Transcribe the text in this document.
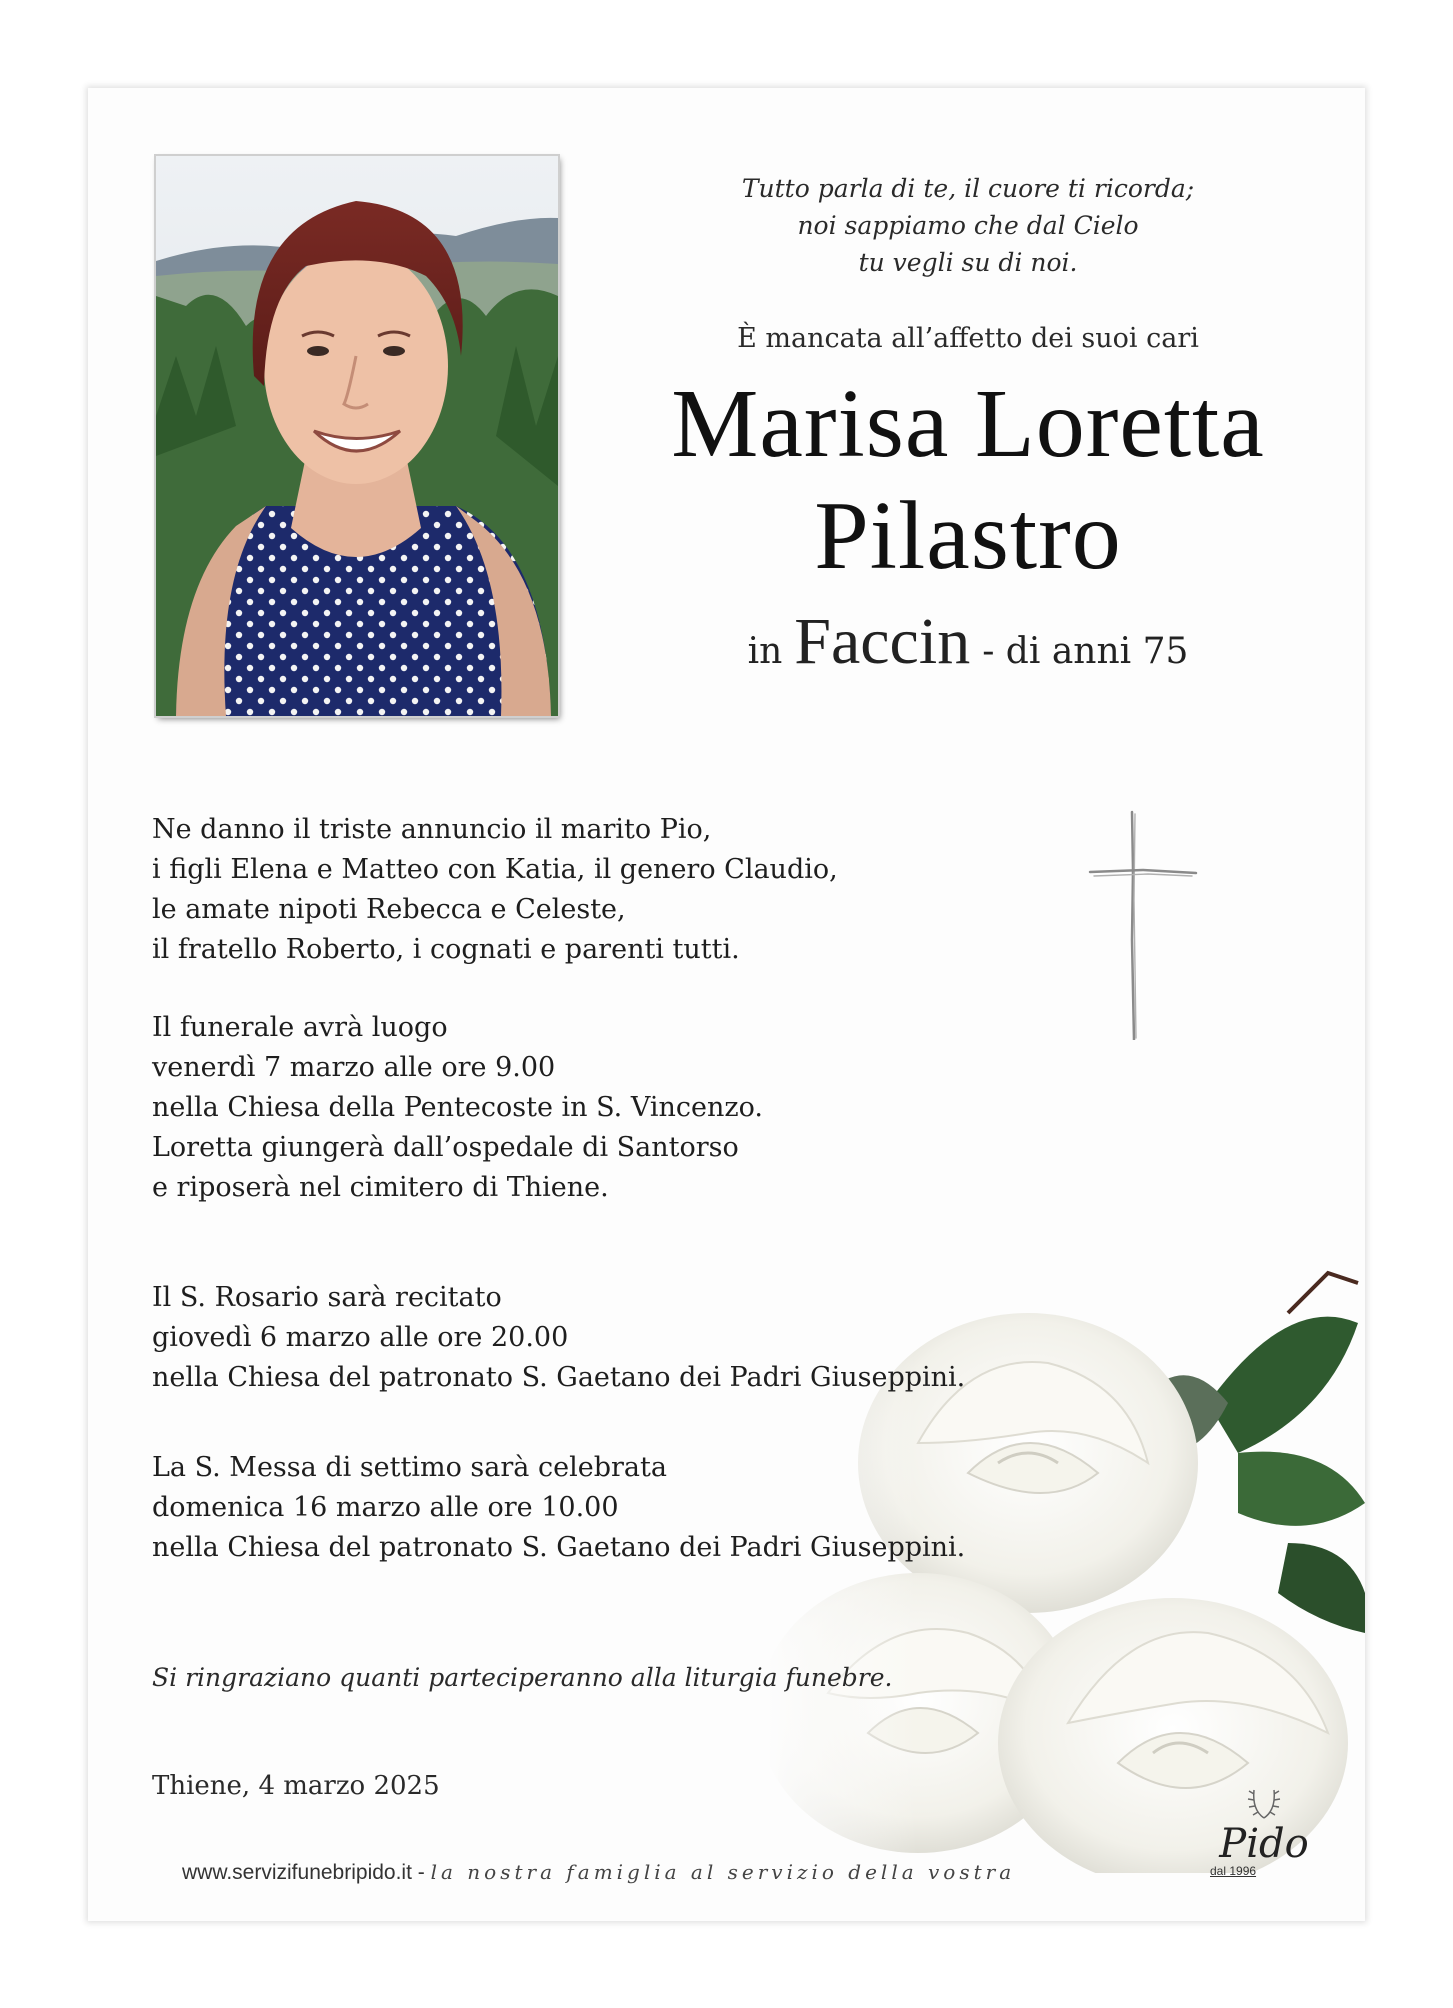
Tutto parla di te, il cuore ti ricorda;
noi sappiamo che dal Cielo
tu vegli su di noi.
È mancata all’affetto dei suoi cari
Marisa Loretta
Pilastro
in Faccin - di anni 75
Ne danno il triste annuncio il marito Pio,
i figli Elena e Matteo con Katia, il genero Claudio,
le amate nipoti Rebecca e Celeste,
il fratello Roberto, i cognati e parenti tutti.
Il funerale avrà luogo
venerdì 7 marzo alle ore 9.00
nella Chiesa della Pentecoste in S. Vincenzo.
Loretta giungerà dall’ospedale di Santorso
e riposerà nel cimitero di Thiene.
Il S. Rosario sarà recitato
giovedì 6 marzo alle ore 20.00
nella Chiesa del patronato S. Gaetano dei Padri Giuseppini.
La S. Messa di settimo sarà celebrata
domenica 16 marzo alle ore 10.00
nella Chiesa del patronato S. Gaetano dei Padri Giuseppini.
Si ringraziano quanti parteciperanno alla liturgia funebre.
Thiene, 4 marzo 2025
www.servizifunebripido.it - la nostra famiglia al servizio della vostra
Pido
dal 1996
